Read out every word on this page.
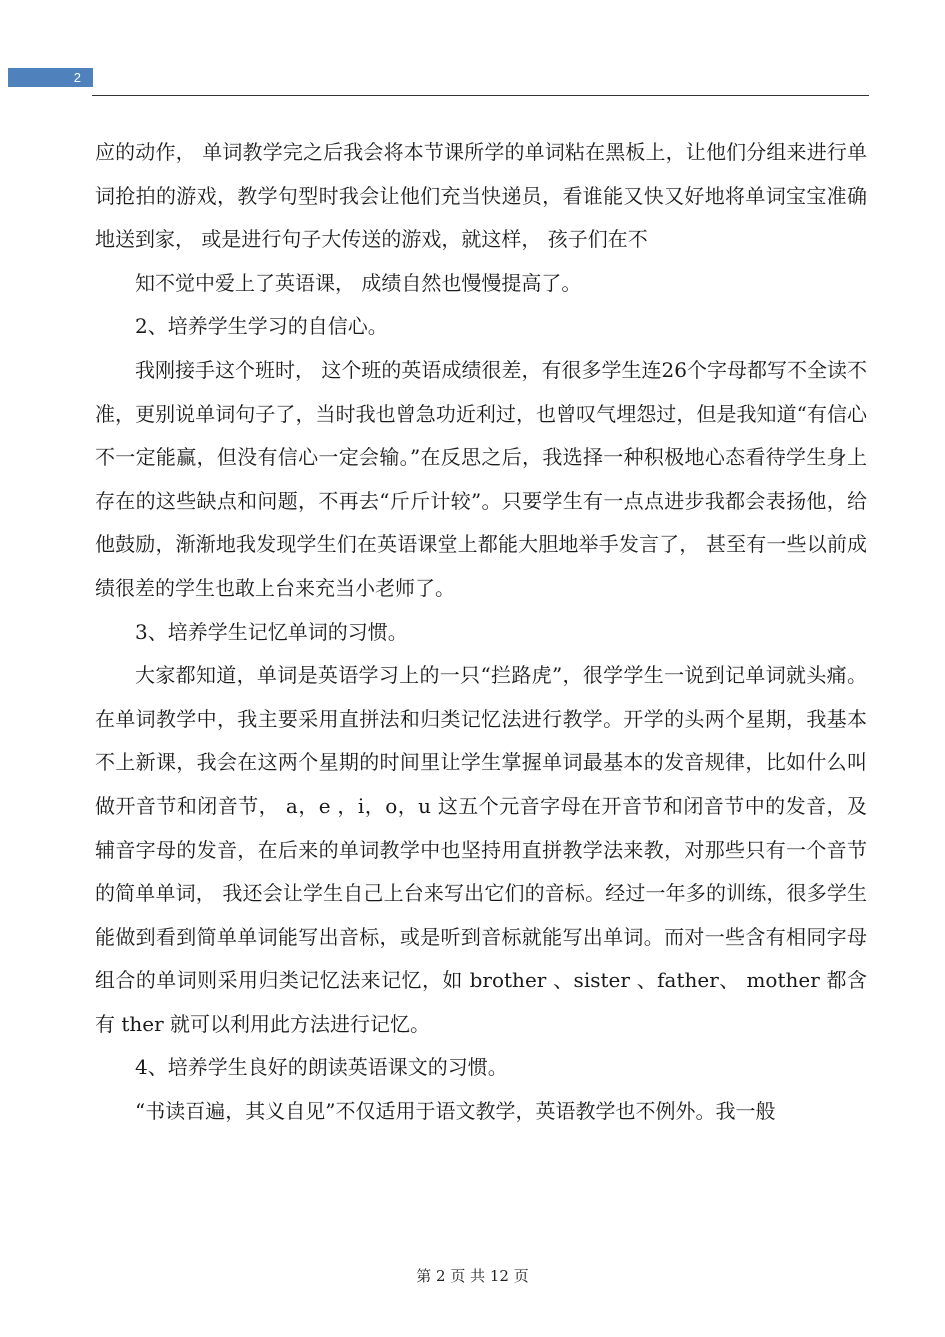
2

应的动作， 单词教学完之后我会将本节课所学的单词粘在黑板上，让他们分组来进行单词抢拍的游戏，教学句型时我会让他们充当快递员，看谁能又快又好地将单词宝宝准确地送到家， 或是进行句子大传送的游戏，就这样， 孩子们在不

知不觉中爱上了英语课， 成绩自然也慢慢提高了。

2、培养学生学习的自信心。

我刚接手这个班时， 这个班的英语成绩很差，有很多学生连26个字母都写不全读不准，更别说单词句子了，当时我也曾急功近利过，也曾叹气埋怨过，但是我知道“有信心不一定能赢，但没有信心一定会输。”在反思之后，我选择一种积极地心态看待学生身上存在的这些缺点和问题，不再去“斤斤计较”。只要学生有一点点进步我都会表扬他，给他鼓励，渐渐地我发现学生们在英语课堂上都能大胆地举手发言了， 甚至有一些以前成绩很差的学生也敢上台来充当小老师了。

3、培养学生记忆单词的习惯。

大家都知道，单词是英语学习上的一只“拦路虎”，很学学生一说到记单词就头痛。在单词教学中，我主要采用直拼法和归类记忆法进行教学。开学的头两个星期，我基本不上新课，我会在这两个星期的时间里让学生掌握单词最基本的发音规律，比如什么叫做开音节和闭音节， a，e ，i，o，u 这五个元音字母在开音节和闭音节中的发音，及辅音字母的发音，在后来的单词教学中也坚持用直拼教学法来教，对那些只有一个音节的简单单词， 我还会让学生自己上台来写出它们的音标。经过一年多的训练，很多学生能做到看到简单单词能写出音标，或是听到音标就能写出单词。而对一些含有相同字母组合的单词则采用归类记忆法来记忆，如 brother 、sister 、father、 mother 都含有 ther 就可以利用此方法进行记忆。

4、培养学生良好的朗读英语课文的习惯。

“书读百遍，其义自见”不仅适用于语文教学，英语教学也不例外。我一般

第 2 页 共 12 页
